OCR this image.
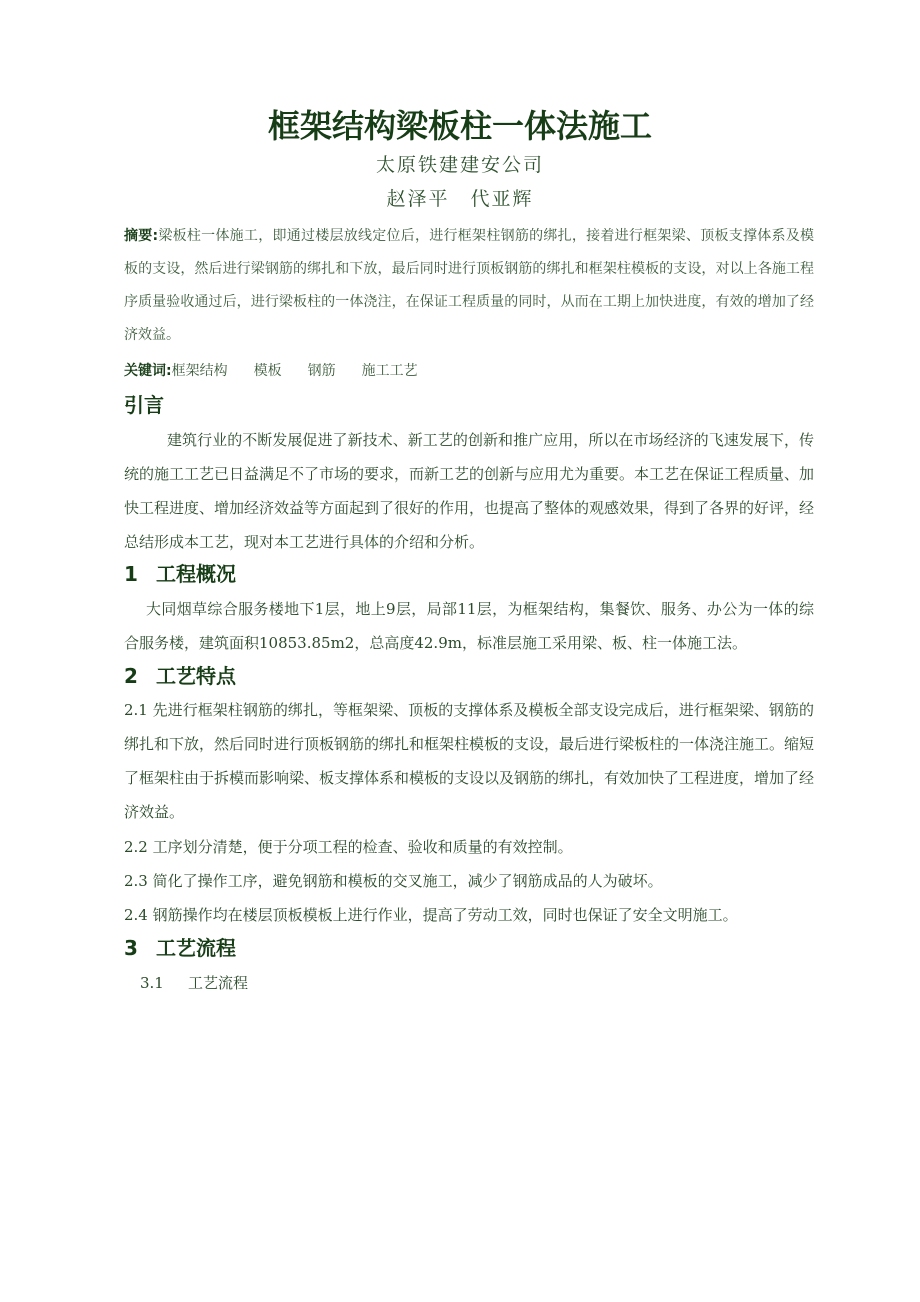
框架结构梁板柱一体法施工
太原铁建建安公司
赵泽平　代亚辉
摘要:梁板柱一体施工，即通过楼层放线定位后，进行框架柱钢筋的绑扎，接着进行框架梁、顶板支撑体系及模板的支设，然后进行梁钢筋的绑扎和下放，最后同时进行顶板钢筋的绑扎和框架柱模板的支设，对以上各施工程序质量验收通过后，进行梁板柱的一体浇注，在保证工程质量的同时，从而在工期上加快进度，有效的增加了经济效益。
关键词:框架结构 模板 钢筋 施工工艺
引言
建筑行业的不断发展促进了新技术、新工艺的创新和推广应用，所以在市场经济的飞速发展下，传统的施工工艺已日益满足不了市场的要求，而新工艺的创新与应用尤为重要。本工艺在保证工程质量、加快工程进度、增加经济效益等方面起到了很好的作用，也提高了整体的观感效果，得到了各界的好评，经总结形成本工艺，现对本工艺进行具体的介绍和分析。
1 工程概况
大同烟草综合服务楼地下1层，地上9层，局部11层，为框架结构，集餐饮、服务、办公为一体的综合服务楼，建筑面积10853.85m2，总高度42.9m，标准层施工采用梁、板、柱一体施工法。
2 工艺特点
2.1 先进行框架柱钢筋的绑扎，等框架梁、顶板的支撑体系及模板全部支设完成后，进行框架梁、钢筋的绑扎和下放，然后同时进行顶板钢筋的绑扎和框架柱模板的支设，最后进行梁板柱的一体浇注施工。缩短了框架柱由于拆模而影响梁、板支撑体系和模板的支设以及钢筋的绑扎，有效加快了工程进度，增加了经济效益。
2.2 工序划分清楚，便于分项工程的检查、验收和质量的有效控制。
2.3 简化了操作工序，避免钢筋和模板的交叉施工，减少了钢筋成品的人为破坏。
2.4 钢筋操作均在楼层顶板模板上进行作业，提高了劳动工效，同时也保证了安全文明施工。
3 工艺流程
3.1 工艺流程
